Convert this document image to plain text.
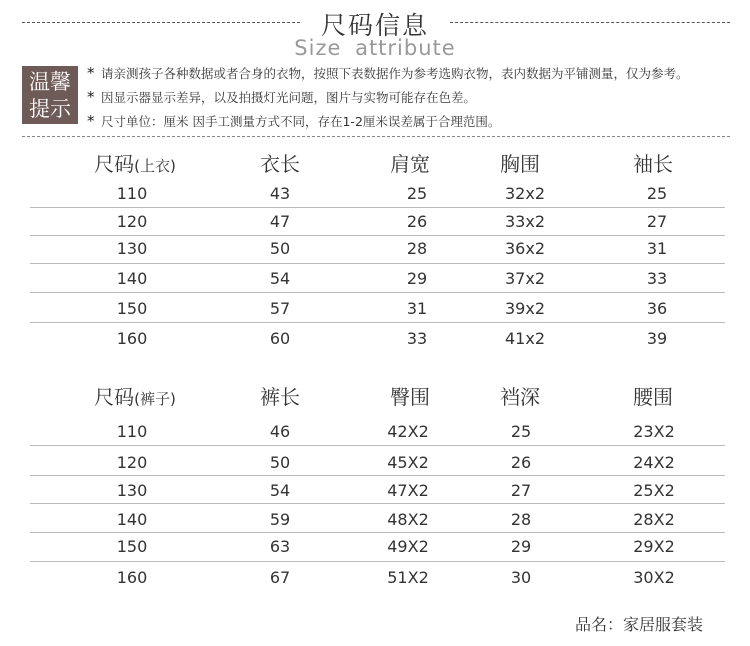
尺码信息
Size attribute
温馨
提示
* 请亲测孩子各种数据或者合身的衣物，按照下表数据作为参考选购衣物，表内数据为平铺测量，仅为参考。
* 因显示器显示差异，以及拍摄灯光问题，图片与实物可能存在色差。
* 尺寸单位：厘米 因手工测量方式不同，存在1-2厘米误差属于合理范围。
尺码(上衣)	衣长	肩宽	胸围	袖长
110	43	25	32x2	25
120	47	26	33x2	27
130	50	28	36x2	31
140	54	29	37x2	33
150	57	31	39x2	36
160	60	33	41x2	39
尺码(裤子)	裤长	臀围	裆深	腰围
110	46	42X2	25	23X2
120	50	45X2	26	24X2
130	54	47X2	27	25X2
140	59	48X2	28	28X2
150	63	49X2	29	29X2
160	67	51X2	30	30X2
品名：家居服套装
